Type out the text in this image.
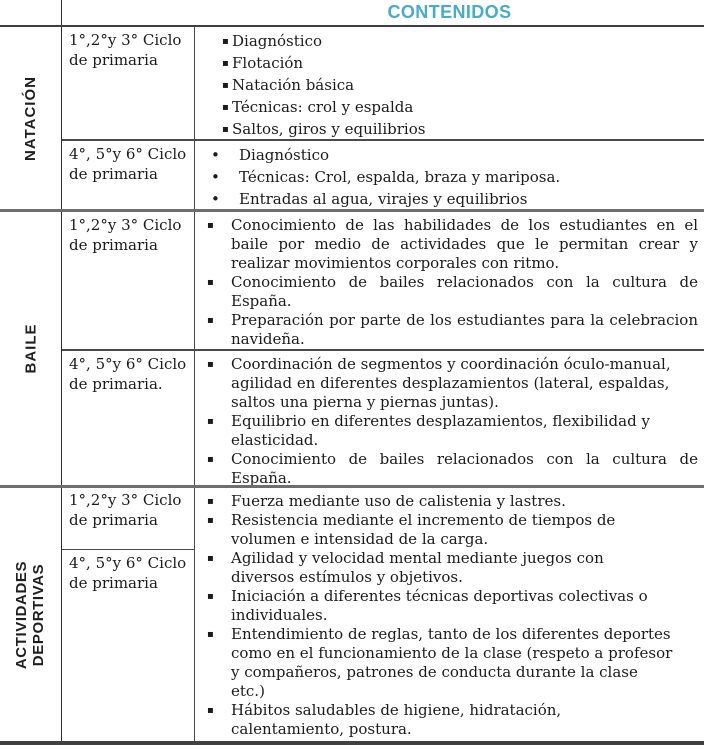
CONTENIDOS
NATACIÓN
1°,2°y 3° Ciclo de primaria
▪ Diagnóstico
▪ Flotación
▪ Natación básica
▪ Técnicas: crol y espalda
▪ Saltos, giros y equilibrios
4°, 5°y 6° Ciclo de primaria
• Diagnóstico
• Técnicas: Crol, espalda, braza y mariposa.
• Entradas al agua, virajes y equilibrios
BAILE
1°,2°y 3° Ciclo de primaria
▪ Conocimiento de las habilidades de los estudiantes en el baile por medio de actividades que le permitan crear y realizar movimientos corporales con ritmo.
▪ Conocimiento de bailes relacionados con la cultura de España.
▪ Preparación por parte de los estudiantes para la celebracion navideña.
4°, 5°y 6° Ciclo de primaria.
▪ Coordinación de segmentos y coordinación óculo-manual, agilidad en diferentes desplazamientos (lateral, espaldas, saltos una pierna y piernas juntas).
▪ Equilibrio en diferentes desplazamientos, flexibilidad y elasticidad.
▪ Conocimiento de bailes relacionados con la cultura de España.
ACTIVIDADES DEPORTIVAS
1°,2°y 3° Ciclo de primaria
4°, 5°y 6° Ciclo de primaria
▪ Fuerza mediante uso de calistenia y lastres.
▪ Resistencia mediante el incremento de tiempos de volumen e intensidad de la carga.
▪ Agilidad y velocidad mental mediante juegos con diversos estímulos y objetivos.
▪ Iniciación a diferentes técnicas deportivas colectivas o individuales.
▪ Entendimiento de reglas, tanto de los diferentes deportes como en el funcionamiento de la clase (respeto a profesor y compañeros, patrones de conducta durante la clase etc.)
▪ Hábitos saludables de higiene, hidratación, calentamiento, postura.
